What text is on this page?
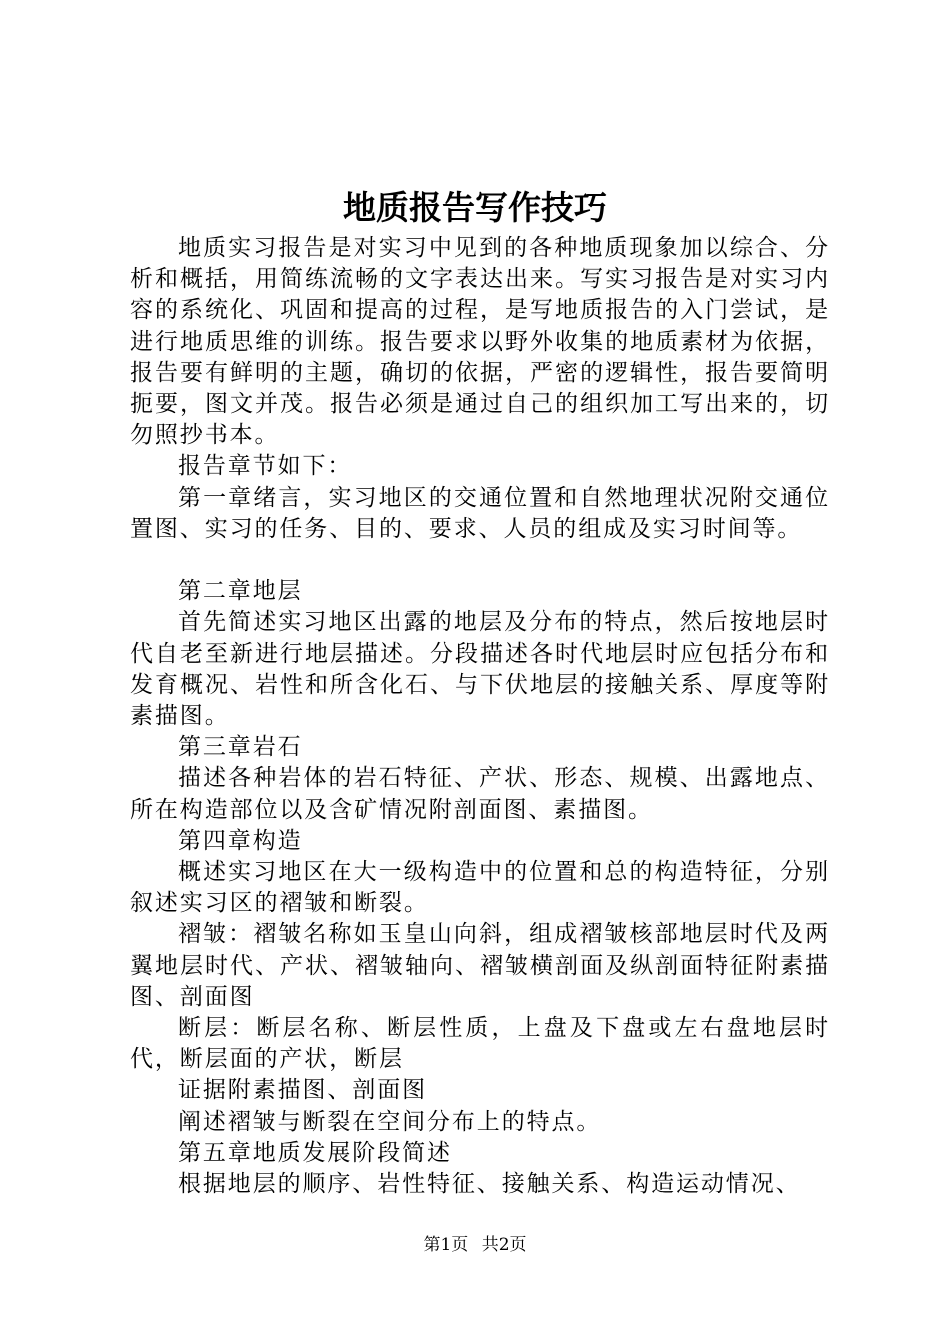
地质报告写作技巧

地质实习报告是对实习中见到的各种地质现象加以综合、分析和概括，用简练流畅的文字表达出来。写实习报告是对实习内容的系统化、巩固和提高的过程，是写地质报告的入门尝试，是进行地质思维的训练。报告要求以野外收集的地质素材为依据，报告要有鲜明的主题，确切的依据，严密的逻辑性，报告要简明扼要，图文并茂。报告必须是通过自己的组织加工写出来的，切勿照抄书本。

报告章节如下：

第一章绪言，实习地区的交通位置和自然地理状况附交通位置图、实习的任务、目的、要求、人员的组成及实习时间等。

第二章地层

首先简述实习地区出露的地层及分布的特点，然后按地层时代自老至新进行地层描述。分段描述各时代地层时应包括分布和发育概况、岩性和所含化石、与下伏地层的接触关系、厚度等附素描图。

第三章岩石

描述各种岩体的岩石特征、产状、形态、规模、出露地点、所在构造部位以及含矿情况附剖面图、素描图。

第四章构造

概述实习地区在大一级构造中的位置和总的构造特征，分别叙述实习区的褶皱和断裂。

褶皱：褶皱名称如玉皇山向斜，组成褶皱核部地层时代及两翼地层时代、产状、褶皱轴向、褶皱横剖面及纵剖面特征附素描图、剖面图

断层：断层名称、断层性质，上盘及下盘或左右盘地层时代，断层面的产状，断层

证据附素描图、剖面图

阐述褶皱与断裂在空间分布上的特点。

第五章地质发展阶段简述

根据地层的顺序、岩性特征、接触关系、构造运动情况、

第1页 共2页
